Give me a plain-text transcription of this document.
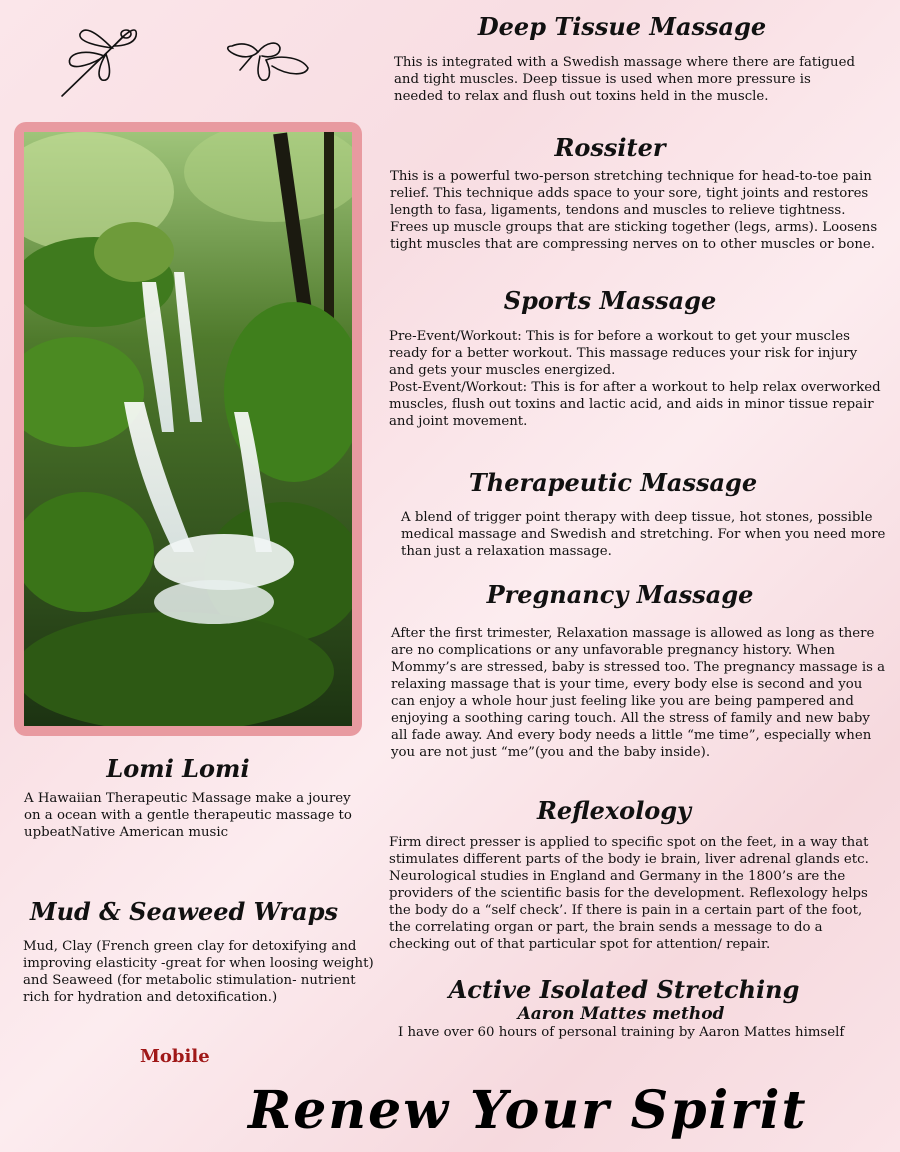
Deep Tissue Massage

This is integrated with a Swedish massage where there are fatigued and tight muscles. Deep tissue is used when more pressure is needed to relax and flush out toxins held in the muscle.

Rossiter

This is a powerful two-person stretching technique for head-to-toe pain relief. This technique adds space to your sore, tight joints and restores length to fasa, ligaments, tendons and muscles to relieve tightness. Frees up muscle groups that are sticking together (legs, arms). Loosens tight muscles that are compressing nerves on to other muscles or bone.

Sports Massage

Pre-Event/Workout: This is for before a workout to get your muscles ready for a better workout. This massage reduces your risk for injury and gets your muscles energized.

Post-Event/Workout: This is for after a workout to help relax overworked muscles, flush out toxins and lactic acid, and aids in minor tissue repair and joint movement.

Therapeutic Massage

A blend of trigger point therapy with deep tissue, hot stones, possible medical massage and Swedish and stretching. For when you need more than just a relaxation massage.

Pregnancy Massage

After the first trimester, Relaxation massage is allowed as long as there are no complications or any unfavorable pregnancy history. When Mommy’s are stressed, baby is stressed too. The pregnancy massage is a relaxing massage that is your time, every body else is second and you can enjoy a whole hour just feeling like you are being pampered and enjoying a soothing caring touch. All the stress of family and new baby all fade away. And every body needs a little “me time”, especially when you are not just “me”(you and the baby inside).

Reflexology

Firm direct presser is applied to specific spot on the feet, in a way that stimulates different parts of the body ie brain, liver adrenal glands etc. Neurological studies in England and Germany in the 1800’s are the providers of the scientific basis for the development. Reflexology helps the body do a “self check’. If there is pain in a certain part of the foot, the correlating organ or part, the brain sends a message to do a checking out of that particular spot for attention/ repair.

Active Isolated Stretching
Aaron Mattes method

I have over 60 hours of personal training by Aaron Mattes himself

Lomi Lomi

A Hawaiian Therapeutic Massage make a jourey on a ocean with a gentle therapeutic massage to upbeatNative American music

Mud & Seaweed Wraps

Mud, Clay (French green clay for detoxifying and improving elasticity -great for when loosing weight) and Seaweed (for metabolic stimulation- nutrient rich for hydration and detoxification.)

Mobile
Renew Your Spirit
